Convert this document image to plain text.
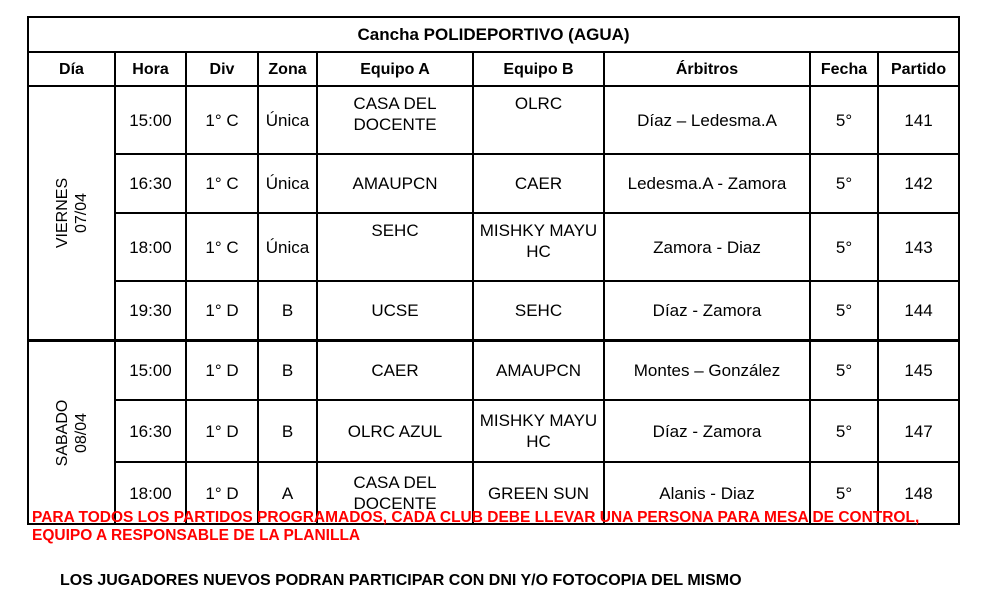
Cancha POLIDEPORTIVO (AGUA)								
Día	Hora	Div	Zona	Equipo A	Equipo B	Árbitros	Fecha	Partido

VIERNES 07/04	15:00	1° C	Única	CASA DEL DOCENTE	OLRC	Díaz – Ledesma.A	5°	141
	16:30	1° C	Única	AMAUPCN	CAER	Ledesma.A - Zamora	5°	142
	18:00	1° C	Única	SEHC	MISHKY MAYU HC	Zamora - Diaz	5°	143
	19:30	1° D	B	UCSE	SEHC	Díaz - Zamora	5°	144

SABADO 08/04	15:00	1° D	B	CAER	AMAUPCN	Montes – González	5°	145
	16:30	1° D	B	OLRC AZUL	MISHKY MAYU HC	Díaz - Zamora	5°	147
	18:00	1° D	A	CASA DEL DOCENTE	GREEN SUN	Alanis - Diaz	5°	148
PARA TODOS LOS PARTIDOS PROGRAMADOS, CADA CLUB DEBE LLEVAR UNA PERSONA PARA MESA DE CONTROL, EQUIPO A RESPONSABLE DE LA PLANILLA
LOS JUGADORES NUEVOS PODRAN PARTICIPAR CON DNI Y/O FOTOCOPIA DEL MISMO
